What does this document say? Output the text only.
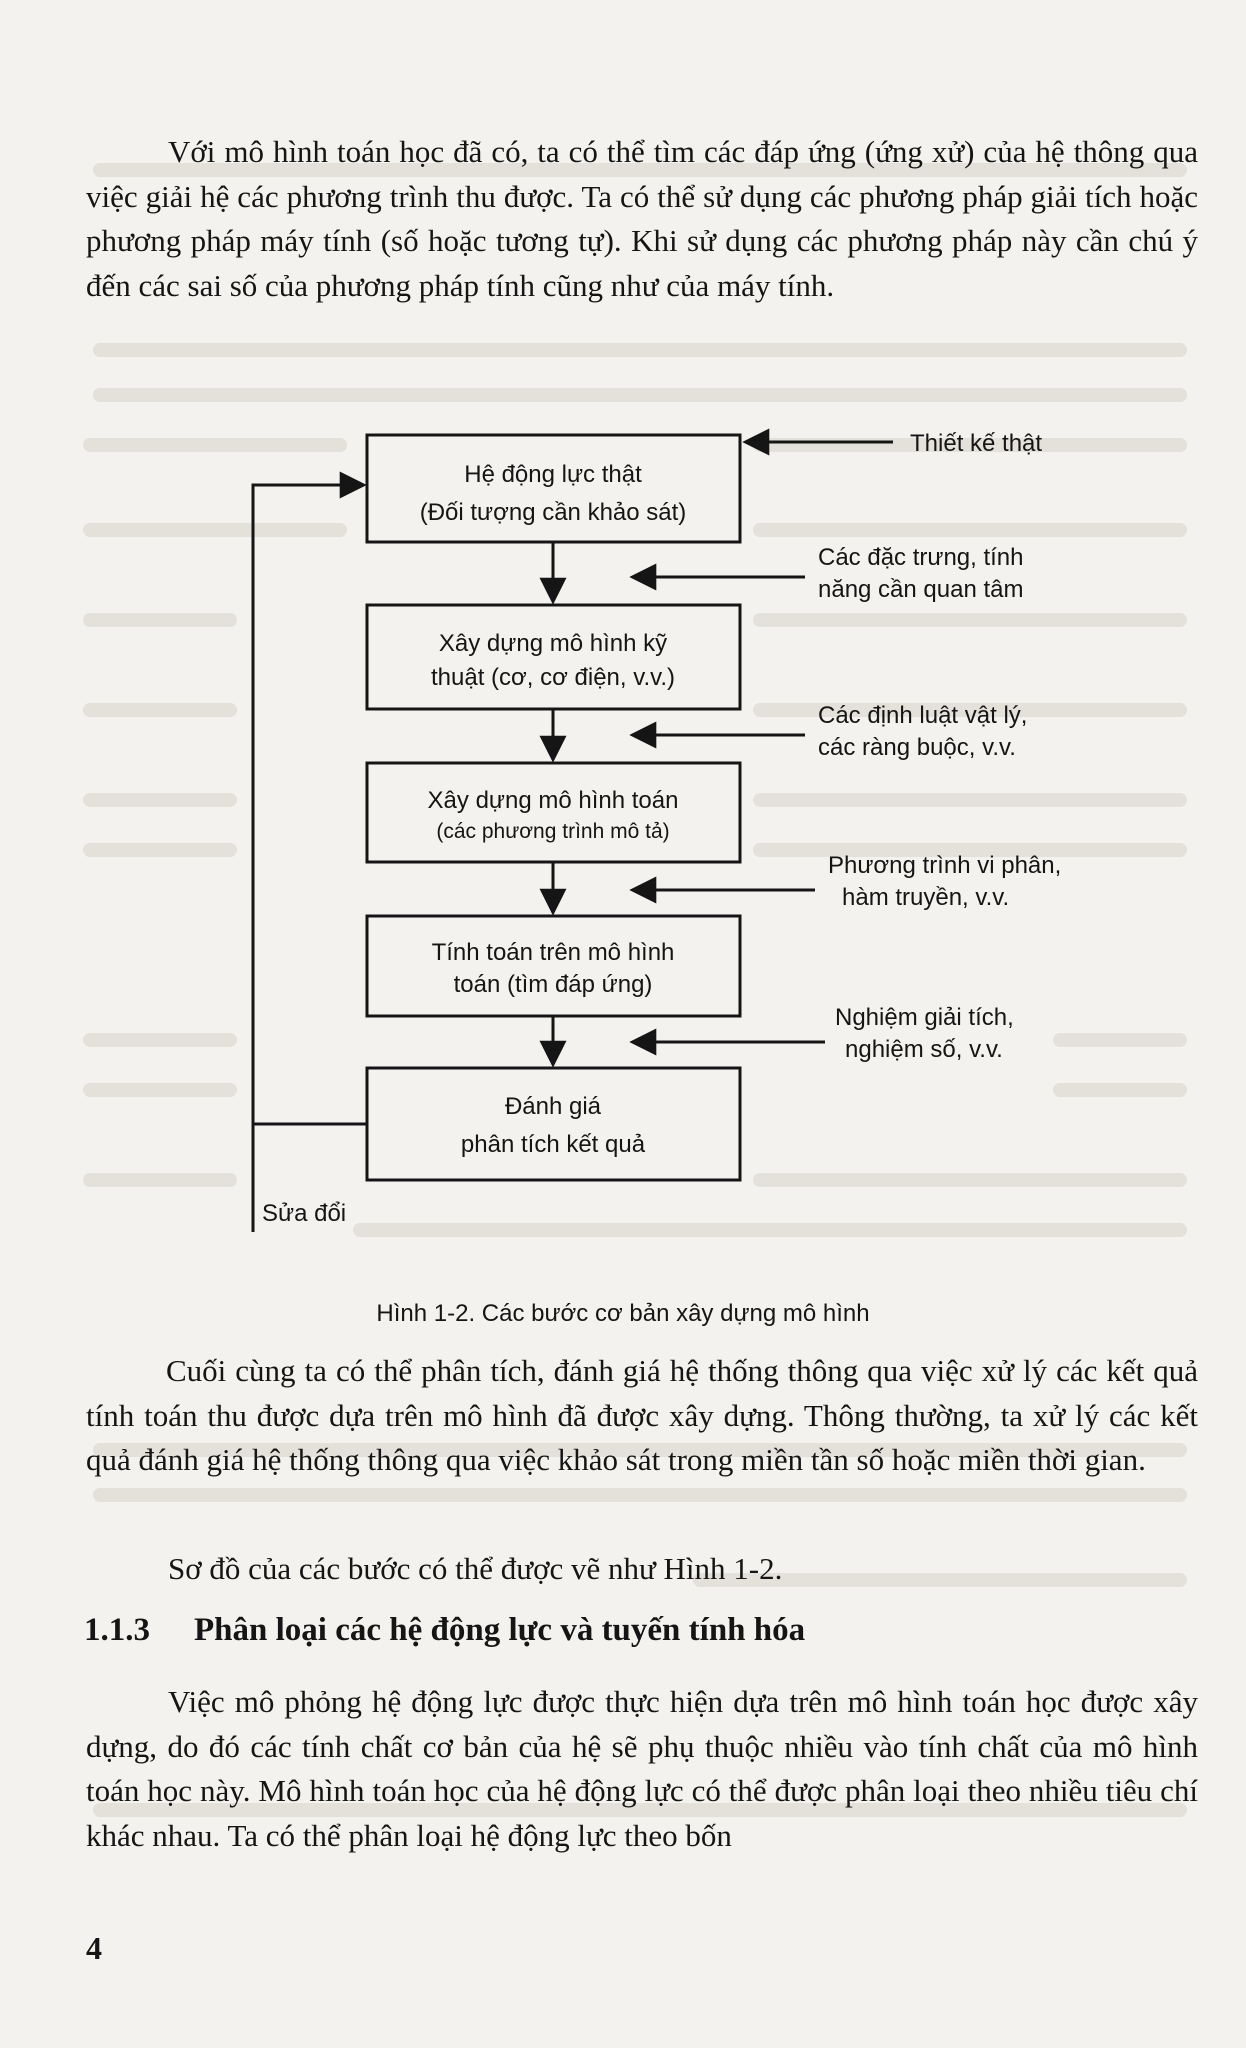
Với mô hình toán học đã có, ta có thể tìm các đáp ứng (ứng xử) của hệ thông qua việc giải hệ các phương trình thu được. Ta có thể sử dụng các phương pháp giải tích hoặc phương pháp máy tính (số hoặc tương tự). Khi sử dụng các phương pháp này cần chú ý đến các sai số của phương pháp tính cũng như của máy tính.

Hệ động lực thật
(Đối tượng cần khảo sát)
Xây dựng mô hình kỹ
thuật (cơ, cơ điện, v.v.)
Xây dựng mô hình toán
(các phương trình mô tả)
Tính toán trên mô hình
toán (tìm đáp ứng)
Đánh giá
phân tích kết quả
Thiết kế thật
Các đặc trưng, tính
năng cần quan tâm
Các định luật vật lý,
các ràng buộc, v.v.
Phương trình vi phân,
hàm truyền, v.v.
Nghiệm giải tích,
nghiệm số, v.v.
Sửa đổi
Hình 1-2. Các bước cơ bản xây dựng mô hình

Cuối cùng ta có thể phân tích, đánh giá hệ thống thông qua việc xử lý các kết quả tính toán thu được dựa trên mô hình đã được xây dựng. Thông thường, ta xử lý các kết quả đánh giá hệ thống thông qua việc khảo sát trong miền tần số hoặc miền thời gian.

Sơ đồ của các bước có thể được vẽ như Hình 1-2.

1.1.3 Phân loại các hệ động lực và tuyến tính hóa

Việc mô phỏng hệ động lực được thực hiện dựa trên mô hình toán học được xây dựng, do đó các tính chất cơ bản của hệ sẽ phụ thuộc nhiều vào tính chất của mô hình toán học này. Mô hình toán học của hệ động lực có thể được phân loại theo nhiều tiêu chí khác nhau. Ta có thể phân loại hệ động lực theo bốn

4
